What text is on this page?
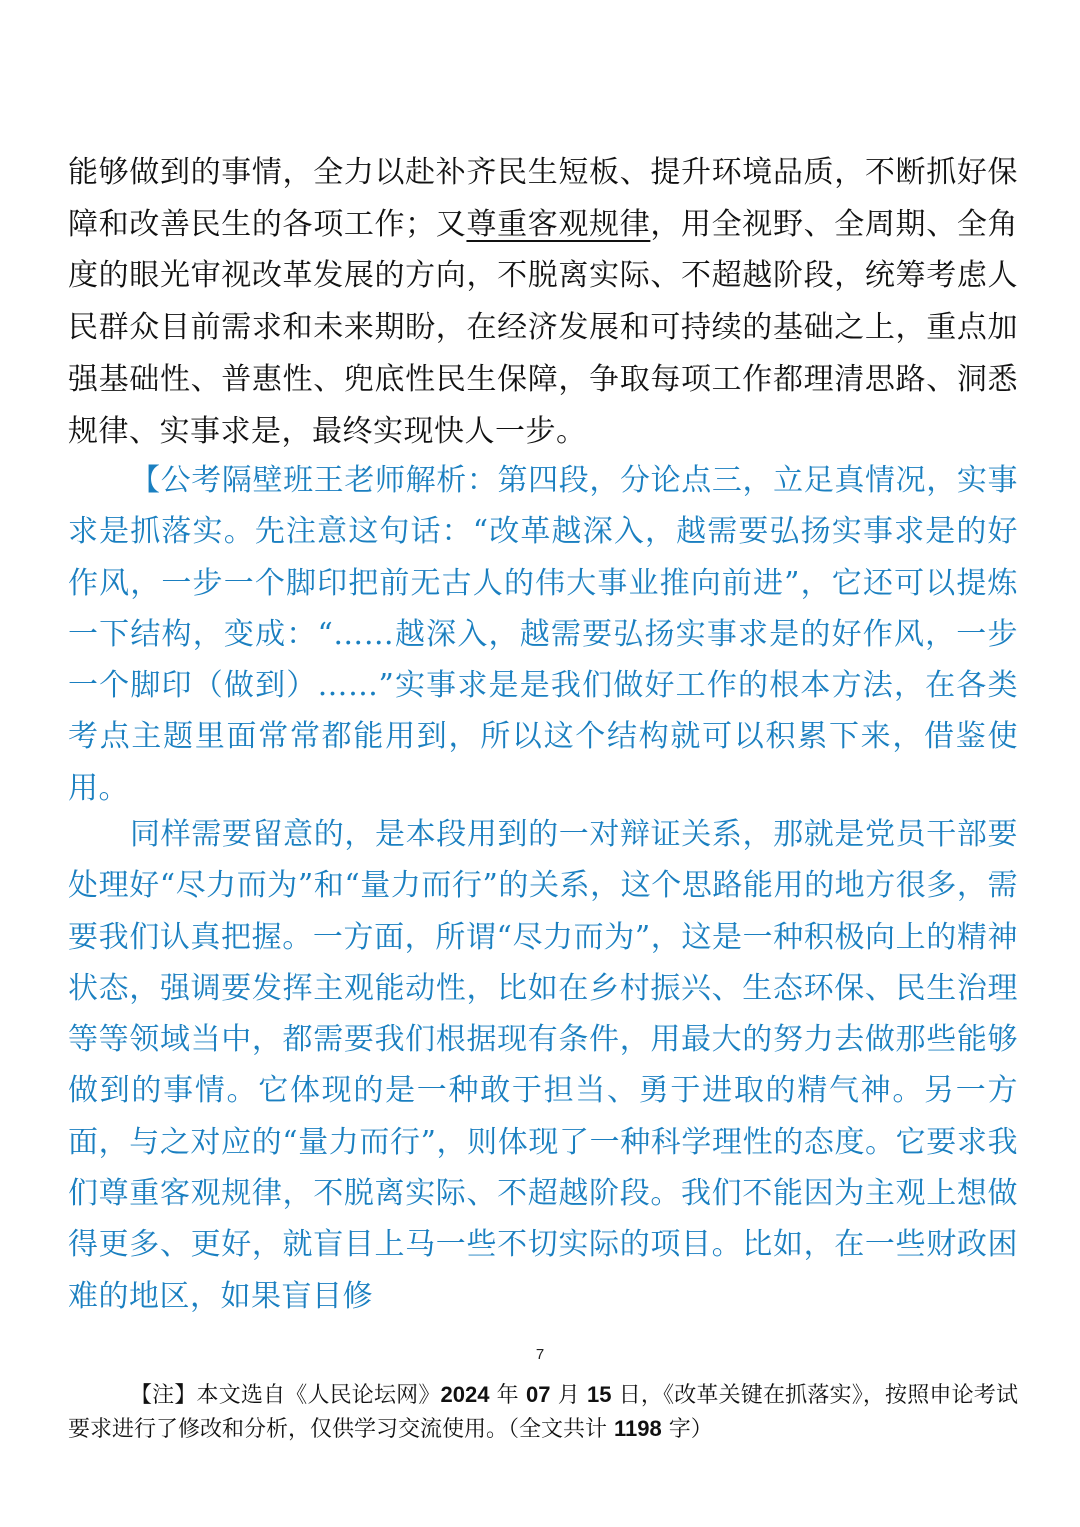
能够做到的事情，全力以赴补齐民生短板、提升环境品质，不断抓好保障和改善民生的各项工作；又尊重客观规律，用全视野、全周期、全角度的眼光审视改革发展的方向，不脱离实际、不超越阶段，统筹考虑人民群众目前需求和未来期盼，在经济发展和可持续的基础之上，重点加强基础性、普惠性、兜底性民生保障，争取每项工作都理清思路、洞悉规律、实事求是，最终实现快人一步。

【公考隔壁班王老师解析：第四段，分论点三，立足真情况，实事求是抓落实。先注意这句话：“改革越深入，越需要弘扬实事求是的好作风，一步一个脚印把前无古人的伟大事业推向前进”，它还可以提炼一下结构，变成：“……越深入，越需要弘扬实事求是的好作风，一步一个脚印（做到）……”实事求是是我们做好工作的根本方法，在各类考点主题里面常常都能用到，所以这个结构就可以积累下来，借鉴使用。

同样需要留意的，是本段用到的一对辩证关系，那就是党员干部要处理好“尽力而为”和“量力而行”的关系，这个思路能用的地方很多，需要我们认真把握。一方面，所谓“尽力而为”，这是一种积极向上的精神状态，强调要发挥主观能动性，比如在乡村振兴、生态环保、民生治理等等领域当中，都需要我们根据现有条件，用最大的努力去做那些能够做到的事情。它体现的是一种敢于担当、勇于进取的精气神。另一方面，与之对应的“量力而行”，则体现了一种科学理性的态度。它要求我们尊重客观规律，不脱离实际、不超越阶段。我们不能因为主观上想做得更多、更好，就盲目上马一些不切实际的项目。比如，在一些财政困难的地区，如果盲目修

7
【注】本文选自《人民论坛网》2024 年 07 月 15 日，《改革关键在抓落实》，按照申论考试要求进行了修改和分析，仅供学习交流使用。（全文共计 1198 字）
